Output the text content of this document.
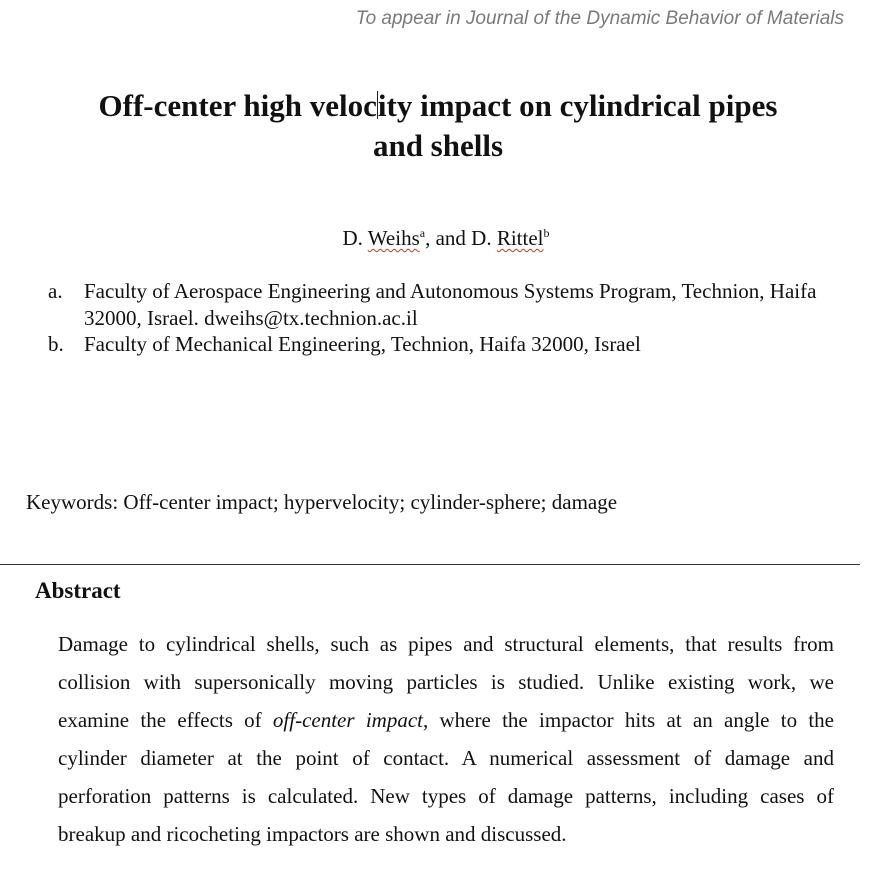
To appear in Journal of the Dynamic Behavior of Materials
Off-center high velocity impact on cylindrical pipes
and shells
D. Weihs$^a$, and D. Rittel$^b$
a.	Faculty of Aerospace Engineering and Autonomous Systems Program, Technion, Haifa 32000, Israel. dweihs@tx.technion.ac.il
b. Faculty of Mechanical Engineering, Technion, Haifa 32000, Israel
Keywords: Off-center impact; hypervelocity; cylinder-sphere; damage
Abstract
Damage to cylindrical shells, such as pipes and structural elements, that results from
collision with supersonically moving particles is studied. Unlike existing work, we
examine the effects of off-center impact, where the impactor hits at an angle to the
cylinder diameter at the point of contact. A numerical assessment of damage and
perforation patterns is calculated. New types of damage patterns, including cases of
breakup and ricocheting impactors are shown and discussed.
